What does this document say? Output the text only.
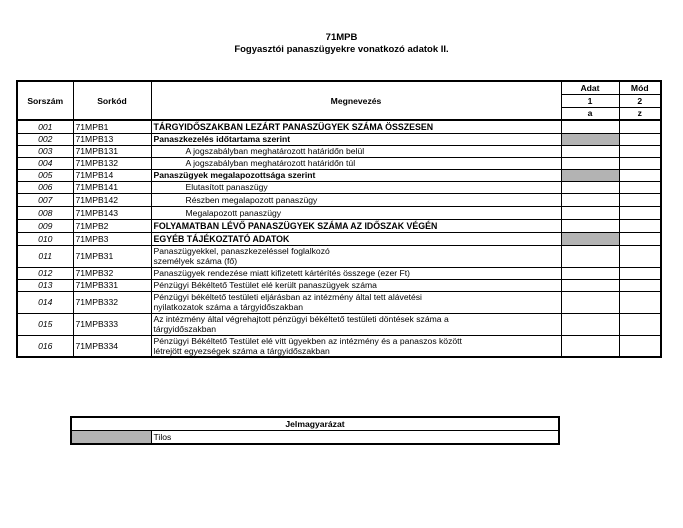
71MPB
Fogyasztói panaszügyekre vonatkozó adatok II.
Sorszám	Sorkód	Megnevezés	Adat	Mód
			1	2
			a	z
001	71MPB1	TÁRGYIDŐSZAKBAN LEZÁRT PANASZÜGYEK SZÁMA ÖSSZESEN		
002	71MPB13	Panaszkezelés időtartama szerint		
003	71MPB131	A jogszabályban meghatározott határidőn belül		
004	71MPB132	A jogszabályban meghatározott határidőn túl		
005	71MPB14	Panaszügyek megalapozottsága szerint		
006	71MPB141	Elutasított panaszügy		
007	71MPB142	Részben megalapozott panaszügy		
008	71MPB143	Megalapozott panaszügy		
009	71MPB2	FOLYAMATBAN LÉVŐ PANASZÜGYEK SZÁMA AZ IDŐSZAK VÉGÉN		
010	71MPB3	EGYÉB TÁJÉKOZTATÓ ADATOK		
011	71MPB31	Panaszügyekkel, panaszkezeléssel foglalkozó
személyek száma (fő)		
012	71MPB32	Panaszügyek rendezése miatt kifizetett kártérítés összege (ezer Ft)		
013	71MPB331	Pénzügyi Békéltető Testület elé került panaszügyek száma		
014	71MPB332	Pénzügyi békéltető testületi eljárásban az intézmény által tett alávetési
nyilatkozatok száma a tárgyidőszakban		
015	71MPB333	Az intézmény által végrehajtott pénzügyi békéltető testületi döntések száma a
tárgyidőszakban		
016	71MPB334	Pénzügyi Békéltető Testület elé vitt ügyekben az intézmény és a panaszos között
létrejött egyezségek száma a tárgyidőszakban		
Jelmagyarázat
	Tilos
